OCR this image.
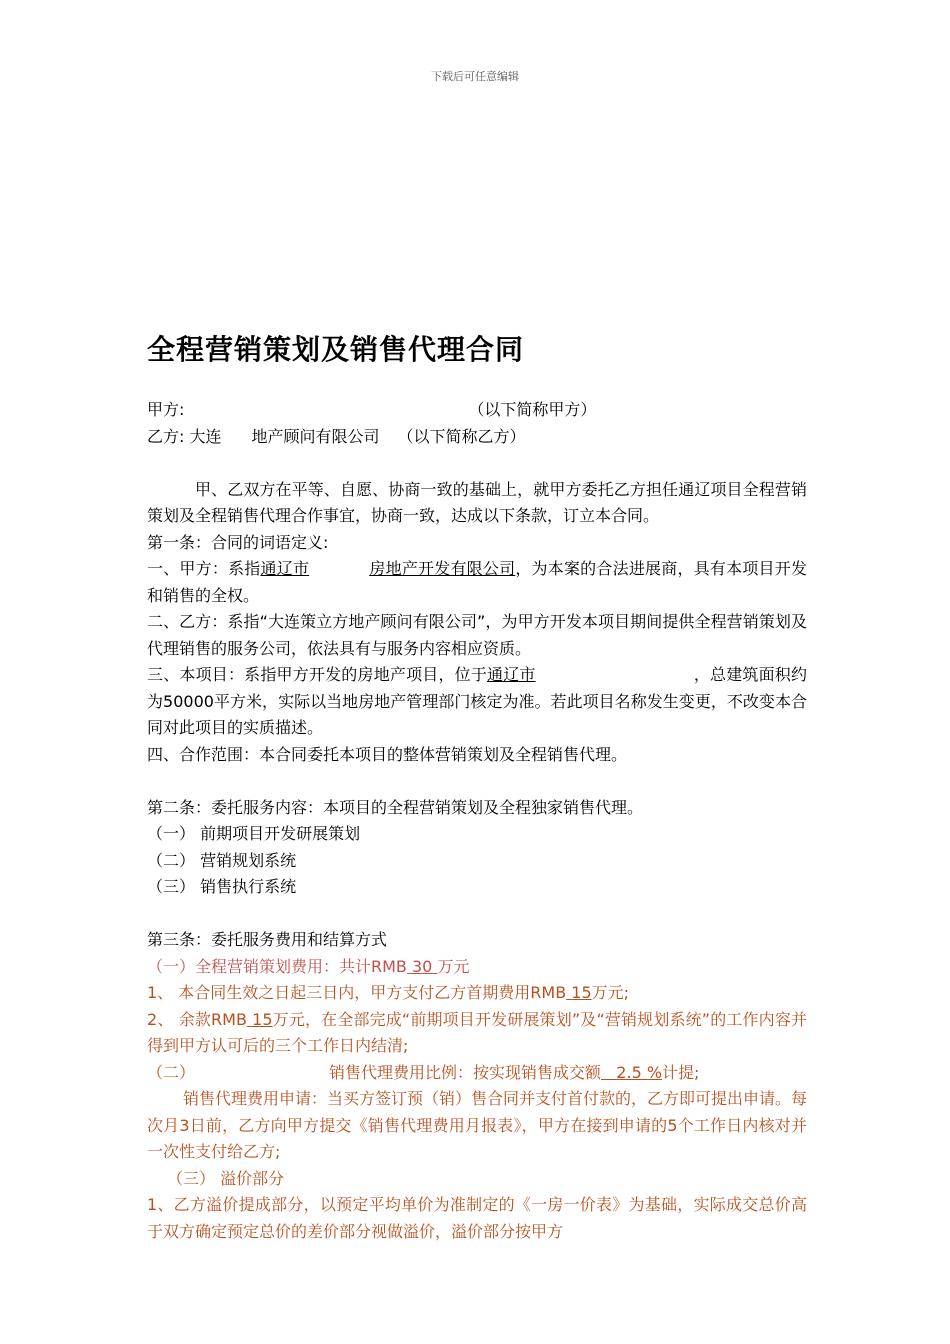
下载后可任意编辑
全程营销策划及销售代理合同
甲方:	（以下简称甲方）
乙方: 大连 地产顾问有限公司 （以下简称乙方）
甲、乙双方在平等、自愿、协商一致的基础上，就甲方委托乙方担任通辽项目全程营销策划及全程销售代理合作事宜，协商一致，达成以下条款，订立本合同。
第一条：合同的词语定义:
一、甲方：系指通辽市	房地产开发有限公司，为本案的合法进展商，具有本项目开发和销售的全权。
二、乙方：系指“大连策立方地产顾问有限公司”，为甲方开发本项目期间提供全程营销策划及代理销售的服务公司，依法具有与服务内容相应资质。
三、本项目：系指甲方开发的房地产项目，位于通辽市	，总建筑面积约为50000平方米，实际以当地房地产管理部门核定为准。若此项目名称发生变更，不改变本合同对此项目的实质描述。
四、合作范围：本合同委托本项目的整体营销策划及全程销售代理。
第二条：委托服务内容：本项目的全程营销策划及全程独家销售代理。
（一） 前期项目开发研展策划
（二） 营销规划系统
（三） 销售执行系统
第三条：委托服务费用和结算方式
（一）全程营销策划费用：共计RMB 30 万元
1、 本合同生效之日起三日内，甲方支付乙方首期费用RMB 15万元;
2、 余款RMB 15万元，在全部完成“前期项目开发研展策划”及“营销规划系统”的工作内容并得到甲方认可后的三个工作日内结清;
（二）	销售代理费用比例：按实现销售成交额 2.5 %计提;
销售代理费用申请：当买方签订预（销）售合同并支付首付款的，乙方即可提出申请。每次月3日前，乙方向甲方提交《销售代理费用月报表》，甲方在接到申请的5个工作日内核对并一次性支付给乙方;
（三） 溢价部分
1、乙方溢价提成部分，以预定平均单价为准制定的《一房一价表》为基础，实际成交总价高于双方确定预定总价的差价部分视做溢价，溢价部分按甲方
